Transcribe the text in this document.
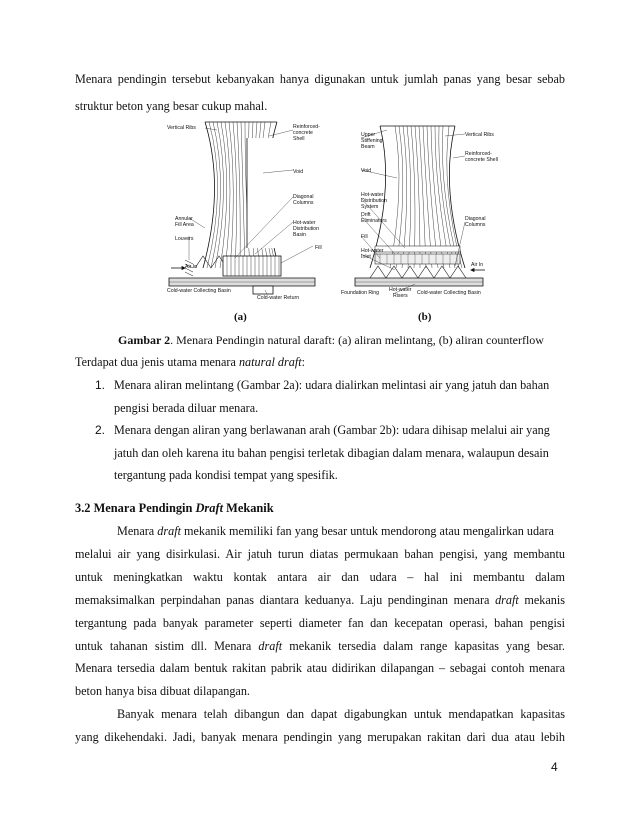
Menara pendingin tersebut kebanyakan hanya digunakan untuk jumlah panas yang besar sebab
struktur beton yang besar cukup mahal.
Vertical Ribs	Reinforced-
concrete
Shell
Void
Diagonal
Columns
Annular
Fill Area
Louvers
Hot-water
Distribution
Basin
Fill
Air In
Cold-water Collecting Basin
Cold-water Return
Upper
Stiffening
Beam
Vertical Ribs
Reinforced-
concrete Shell
Void
Hot-water
Distribution
System
Diagonal
Columns
Drift
Eliminators
Fill
Hot-water
Inlet
Air In
Foundation Ring Hot-water
Risers Cold-water Collecting Basin
(a)	(b)
Gambar 2. Menara Pendingin natural daraft: (a) aliran melintang, (b) aliran counterflow
Terdapat dua jenis utama menara natural draft:
1. Menara aliran melintang (Gambar 2a): udara dialirkan melintasi air yang jatuh dan bahan
pengisi berada diluar menara.
2. Menara dengan aliran yang berlawanan arah (Gambar 2b): udara dihisap melalui air yang
jatuh dan oleh karena itu bahan pengisi terletak dibagian dalam menara, walaupun desain
tergantung pada kondisi tempat yang spesifik.
3.2 Menara Pendingin Draft Mekanik
Menara draft mekanik memiliki fan yang besar untuk mendorong atau mengalirkan udara
melalui air yang disirkulasi. Air jatuh turun diatas permukaan bahan pengisi, yang membantu
untuk meningkatkan waktu kontak antara air dan udara – hal ini membantu dalam
memaksimalkan perpindahan panas diantara keduanya. Laju pendinginan menara draft mekanis
tergantung pada banyak parameter seperti diameter fan dan kecepatan operasi, bahan pengisi
untuk tahanan sistim dll. Menara draft mekanik tersedia dalam range kapasitas yang besar.
Menara tersedia dalam bentuk rakitan pabrik atau didirikan dilapangan – sebagai contoh menara
beton hanya bisa dibuat dilapangan.
Banyak menara telah dibangun dan dapat digabungkan untuk mendapatkan kapasitas
yang dikehendaki. Jadi, banyak menara pendingin yang merupakan rakitan dari dua atau lebih
4
